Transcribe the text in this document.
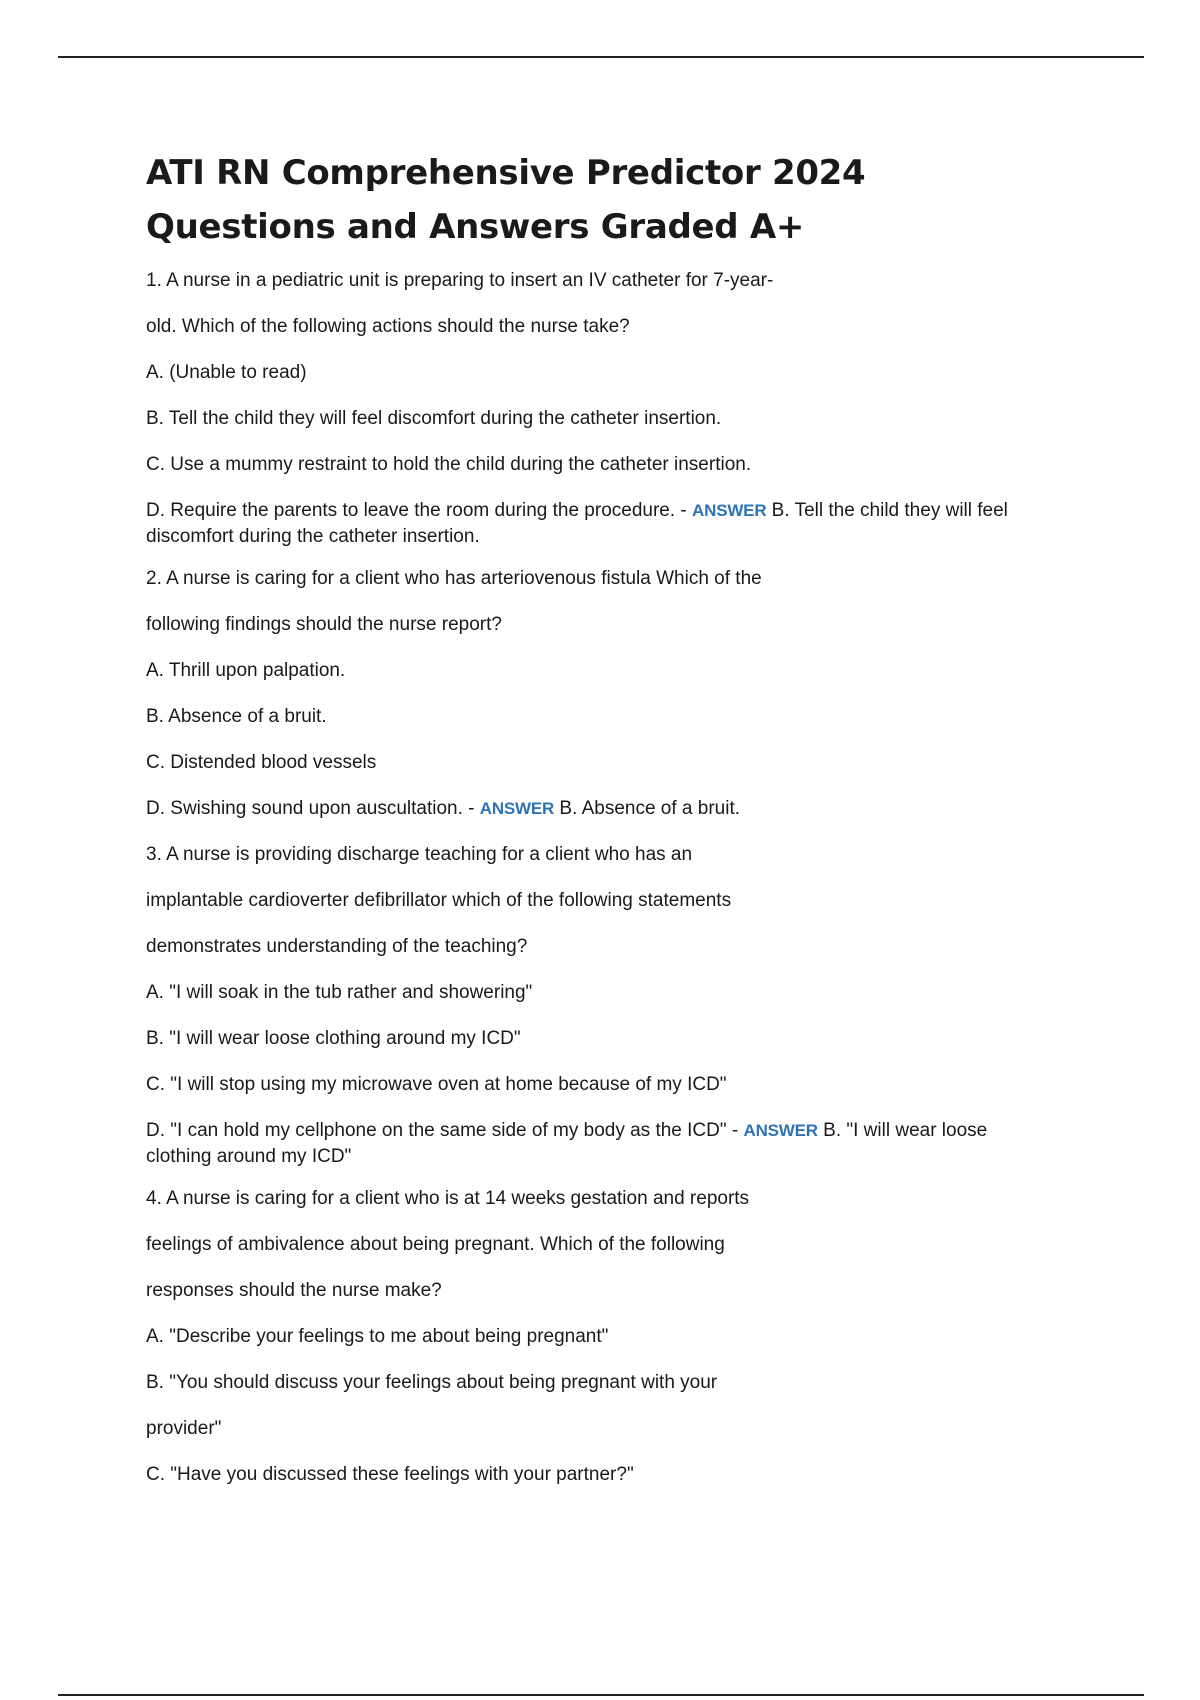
ATI RN Comprehensive Predictor 2024 Questions and Answers Graded A+

1. A nurse in a pediatric unit is preparing to insert an IV catheter for 7-year-

old. Which of the following actions should the nurse take?

A. (Unable to read)

B. Tell the child they will feel discomfort during the catheter insertion.

C. Use a mummy restraint to hold the child during the catheter insertion.

D. Require the parents to leave the room during the procedure. - ANSWER B. Tell the child they will feel discomfort during the catheter insertion.

2. A nurse is caring for a client who has arteriovenous fistula Which of the

following findings should the nurse report?

A. Thrill upon palpation.

B. Absence of a bruit.

C. Distended blood vessels

D. Swishing sound upon auscultation. - ANSWER B. Absence of a bruit.

3. A nurse is providing discharge teaching for a client who has an

implantable cardioverter defibrillator which of the following statements

demonstrates understanding of the teaching?

A. "I will soak in the tub rather and showering"

B. "I will wear loose clothing around my ICD"

C. "I will stop using my microwave oven at home because of my ICD"

D. "I can hold my cellphone on the same side of my body as the ICD" - ANSWER B. "I will wear loose clothing around my ICD"

4. A nurse is caring for a client who is at 14 weeks gestation and reports

feelings of ambivalence about being pregnant. Which of the following

responses should the nurse make?

A. "Describe your feelings to me about being pregnant"

B. "You should discuss your feelings about being pregnant with your

provider"

C. "Have you discussed these feelings with your partner?"
